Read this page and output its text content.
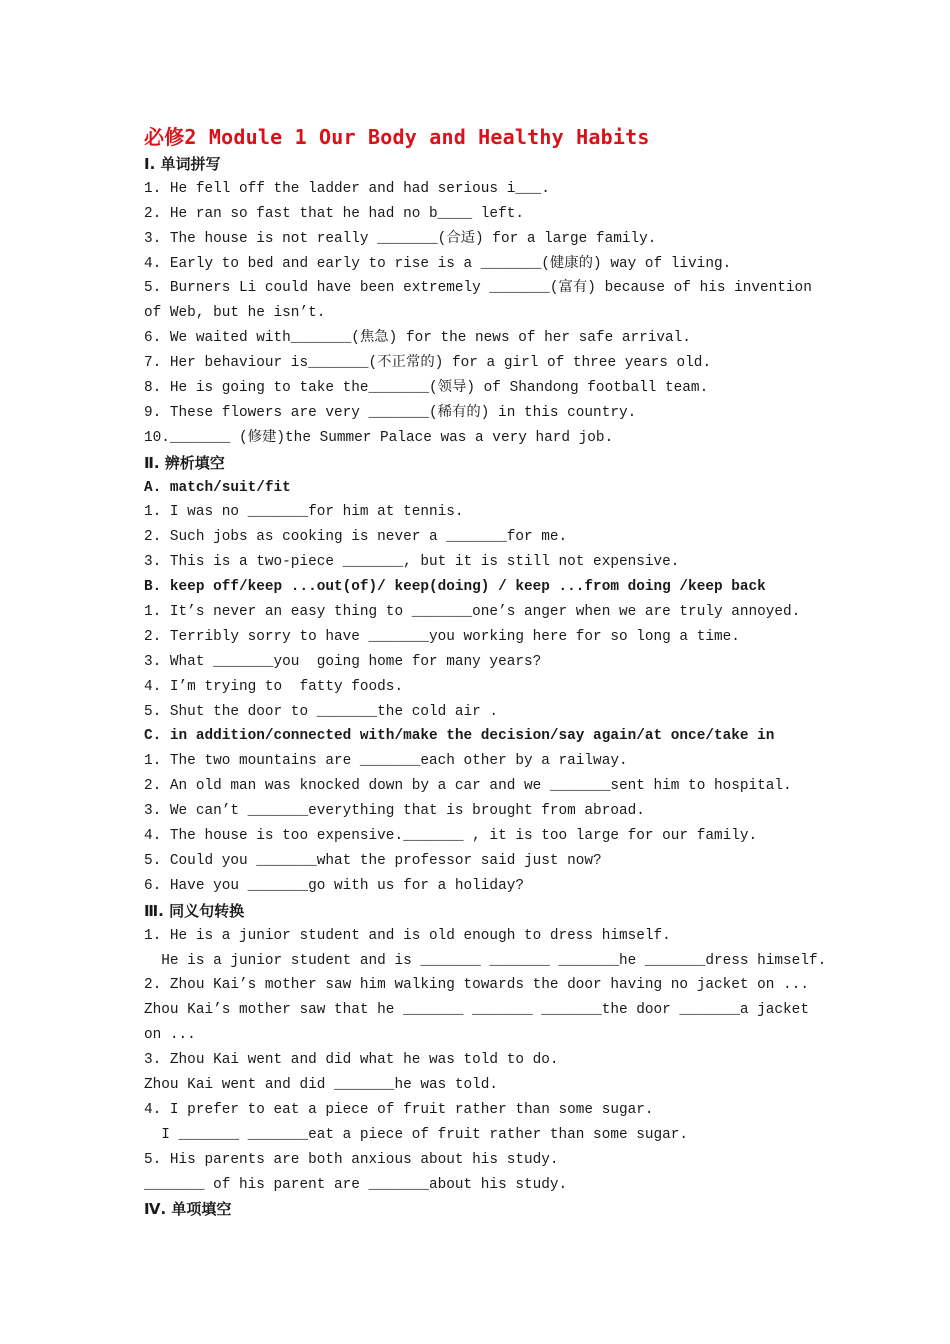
必修2 Module 1 Our Body and Healthy Habits
Ⅰ. 单词拼写
1. He fell off the ladder and had serious i___.
2. He ran so fast that he had no b____ left.
3. The house is not really _______(合适) for a large family.
4. Early to bed and early to rise is a _______(健康的) way of living.
5. Burners Li could have been extremely _______(富有) because of his invention
of Web, but he isn’t.
6. We waited with_______(焦急) for the news of her safe arrival.
7. Her behaviour is_______(不正常的) for a girl of three years old.
8. He is going to take the_______(领导) of Shandong football team.
9. These flowers are very _______(稀有的) in this country.
10._______ (修建)the Summer Palace was a very hard job.
Ⅱ. 辨析填空
A. match/suit/fit
1. I was no _______for him at tennis.
2. Such jobs as cooking is never a _______for me.
3. This is a two-piece _______, but it is still not expensive.
B. keep off/keep ...out(of)/ keep(doing) / keep ...from doing /keep back
1. It’s never an easy thing to _______one’s anger when we are truly annoyed.
2. Terribly sorry to have _______you working here for so long a time.
3. What _______you  going home for many years?
4. I’m trying to  fatty foods.
5. Shut the door to _______the cold air .
C. in addition/connected with/make the decision/say again/at once/take in
1. The two mountains are _______each other by a railway.
2. An old man was knocked down by a car and we _______sent him to hospital.
3. We can’t _______everything that is brought from abroad.
4. The house is too expensive._______ , it is too large for our family.
5. Could you _______what the professor said just now?
6. Have you _______go with us for a holiday?
Ⅲ. 同义句转换
1. He is a junior student and is old enough to dress himself.
He is a junior student and is _______ _______ _______he _______dress himself.
2. Zhou Kai’s mother saw him walking towards the door having no jacket on ...
Zhou Kai’s mother saw that he _______ _______ _______the door _______a jacket
on ...
3. Zhou Kai went and did what he was told to do.
Zhou Kai went and did _______he was told.
4. I prefer to eat a piece of fruit rather than some sugar.
I _______ _______eat a piece of fruit rather than some sugar.
5. His parents are both anxious about his study.
_______ of his parent are _______about his study.
Ⅳ. 单项填空
